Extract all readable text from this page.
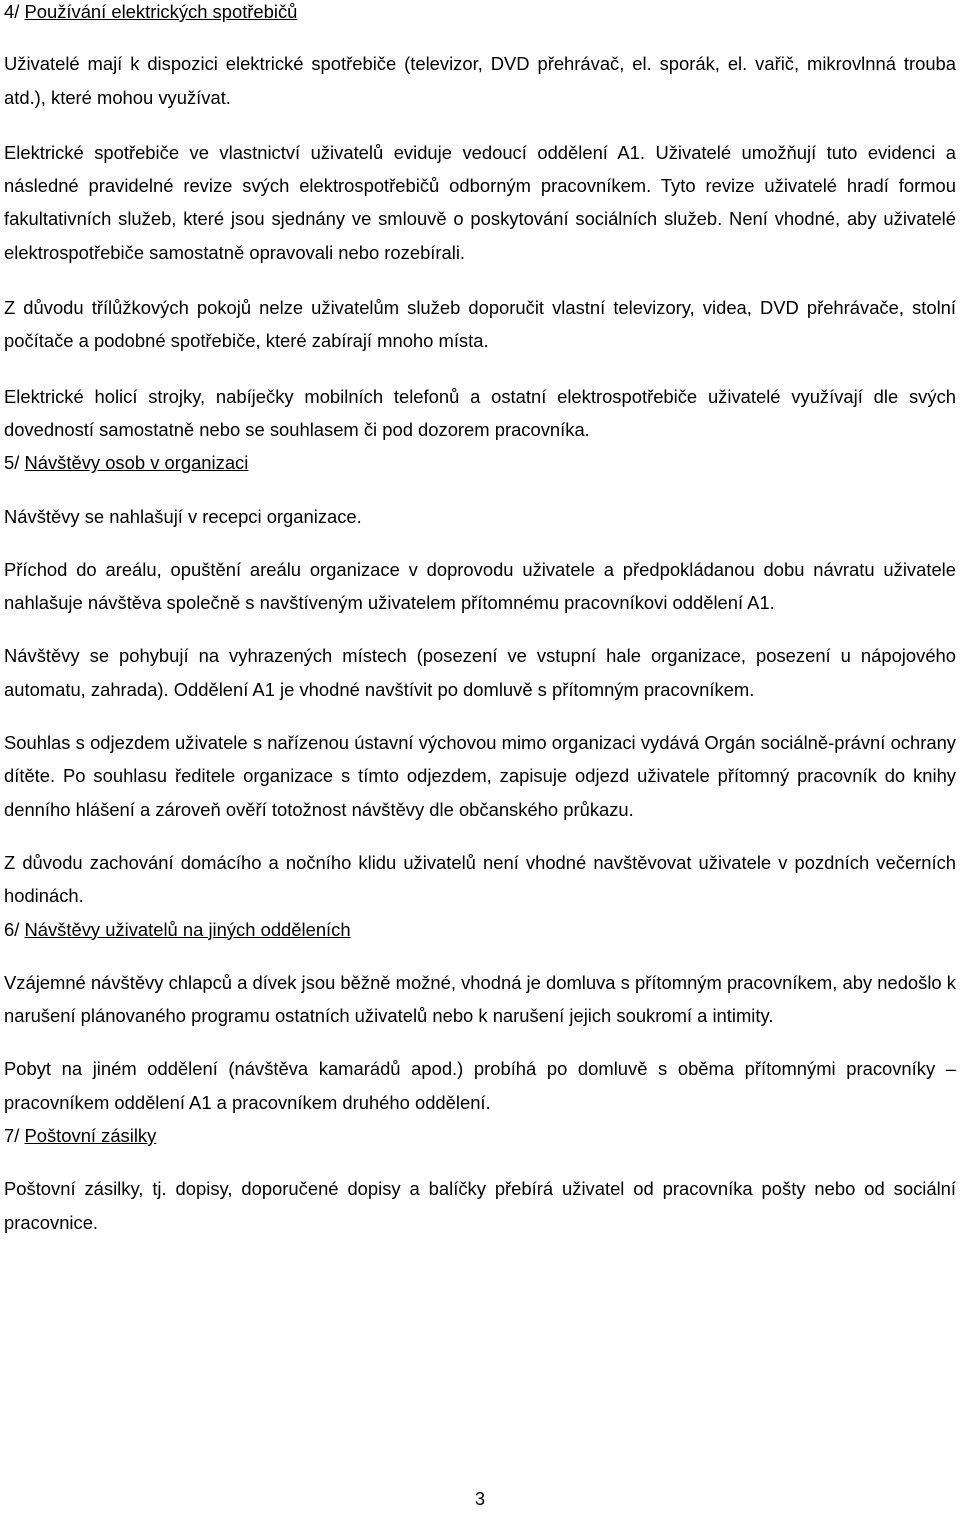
4/ Používání elektrických spotřebičů

Uživatelé mají k dispozici elektrické spotřebiče (televizor, DVD přehrávač, el. sporák, el. vařič, mikrovlnná trouba atd.), které mohou využívat.

Elektrické spotřebiče ve vlastnictví uživatelů eviduje vedoucí oddělení A1. Uživatelé umožňují tuto evidenci a následné pravidelné revize svých elektrospotřebičů odborným pracovníkem. Tyto revize uživatelé hradí formou fakultativních služeb, které jsou sjednány ve smlouvě o poskytování sociálních služeb. Není vhodné, aby uživatelé elektrospotřebiče samostatně opravovali nebo rozebírali.

Z důvodu třílůžkových pokojů nelze uživatelům služeb doporučit vlastní televizory, videa, DVD přehrávače, stolní počítače a podobné spotřebiče, které zabírají mnoho místa.

Elektrické holicí strojky, nabíječky mobilních telefonů a ostatní elektrospotřebiče uživatelé využívají dle svých dovedností samostatně nebo se souhlasem či pod dozorem pracovníka.

5/ Návštěvy osob v organizaci

Návštěvy se nahlašují v recepci organizace.

Příchod do areálu, opuštění areálu organizace v doprovodu uživatele a předpokládanou dobu návratu uživatele nahlašuje návštěva společně s navštíveným uživatelem přítomnému pracovníkovi oddělení A1.

Návštěvy se pohybují na vyhrazených místech (posezení ve vstupní hale organizace, posezení u nápojového automatu, zahrada). Oddělení A1 je vhodné navštívit po domluvě s přítomným pracovníkem.

Souhlas s odjezdem uživatele s nařízenou ústavní výchovou mimo organizaci vydává Orgán sociálně-právní ochrany dítěte. Po souhlasu ředitele organizace s tímto odjezdem, zapisuje odjezd uživatele přítomný pracovník do knihy denního hlášení a zároveň ověří totožnost návštěvy dle občanského průkazu.

Z důvodu zachování domácího a nočního klidu uživatelů není vhodné navštěvovat uživatele v pozdních večerních hodinách.

6/ Návštěvy uživatelů na jiných odděleních

Vzájemné návštěvy chlapců a dívek jsou běžně možné, vhodná je domluva s přítomným pracovníkem, aby nedošlo k narušení plánovaného programu ostatních uživatelů nebo k narušení jejich soukromí a intimity.

Pobyt na jiném oddělení (návštěva kamarádů apod.) probíhá po domluvě s oběma přítomnými pracovníky – pracovníkem oddělení A1 a pracovníkem druhého oddělení.

7/ Poštovní zásilky

Poštovní zásilky, tj. dopisy, doporučené dopisy a balíčky přebírá uživatel od pracovníka pošty nebo od sociální pracovnice.

3
